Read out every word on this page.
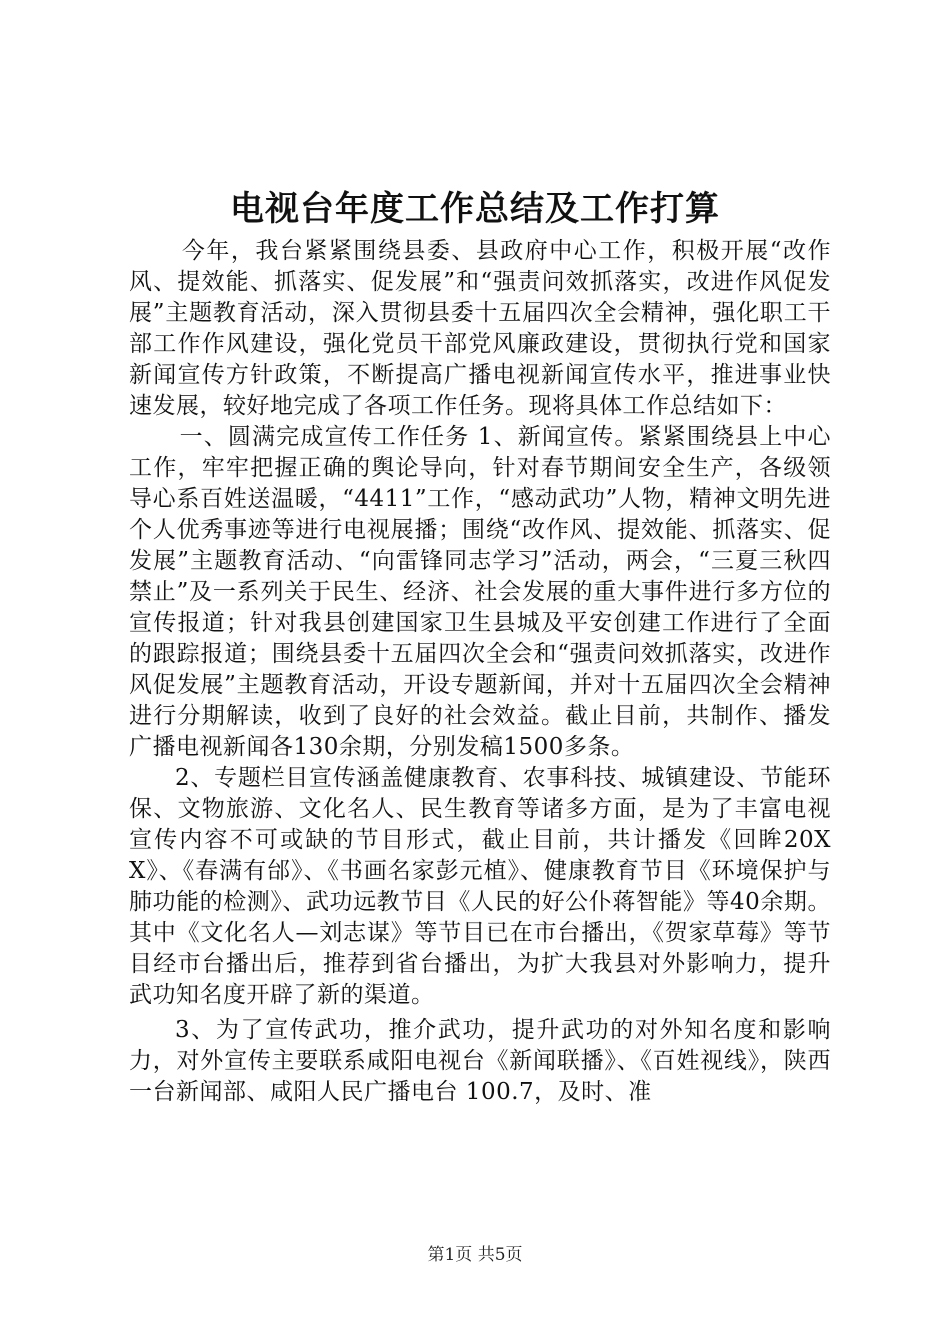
电视台年度工作总结及工作打算

今年，我台紧紧围绕县委、县政府中心工作，积极开展“改作风、提效能、抓落实、促发展”和“强责问效抓落实，改进作风促发展”主题教育活动，深入贯彻县委十五届四次全会精神，强化职工干部工作作风建设，强化党员干部党风廉政建设，贯彻执行党和国家新闻宣传方针政策，不断提高广播电视新闻宣传水平，推进事业快速发展，较好地完成了各项工作任务。现将具体工作总结如下：

一、圆满完成宣传工作任务 1、新闻宣传。紧紧围绕县上中心工作，牢牢把握正确的舆论导向，针对春节期间安全生产，各级领导心系百姓送温暖，“4411”工作，“感动武功”人物，精神文明先进个人优秀事迹等进行电视展播；围绕“改作风、提效能、抓落实、促发展”主题教育活动、“向雷锋同志学习”活动，两会，“三夏三秋四禁止”及一系列关于民生、经济、社会发展的重大事件进行多方位的宣传报道；针对我县创建国家卫生县城及平安创建工作进行了全面的跟踪报道；围绕县委十五届四次全会和“强责问效抓落实，改进作风促发展”主题教育活动，开设专题新闻，并对十五届四次全会精神进行分期解读，收到了良好的社会效益。截止目前，共制作、播发广播电视新闻各130余期，分别发稿1500多条。

2、专题栏目宣传涵盖健康教育、农事科技、城镇建设、节能环保、文物旅游、文化名人、民生教育等诸多方面，是为了丰富电视宣传内容不可或缺的节目形式，截止目前，共计播发《回眸20XX》、《春满有邰》、《书画名家彭元植》、健康教育节目《环境保护与肺功能的检测》、武功远教节目《人民的好公仆蒋智能》等40余期。其中《文化名人—刘志谋》等节目已在市台播出，《贺家草莓》等节目经市台播出后，推荐到省台播出，为扩大我县对外影响力，提升武功知名度开辟了新的渠道。

3、为了宣传武功，推介武功，提升武功的对外知名度和影响力，对外宣传主要联系咸阳电视台《新闻联播》、《百姓视线》，陕西一台新闻部、咸阳人民广播电台 100.7，及时、准

第1页 共5页
